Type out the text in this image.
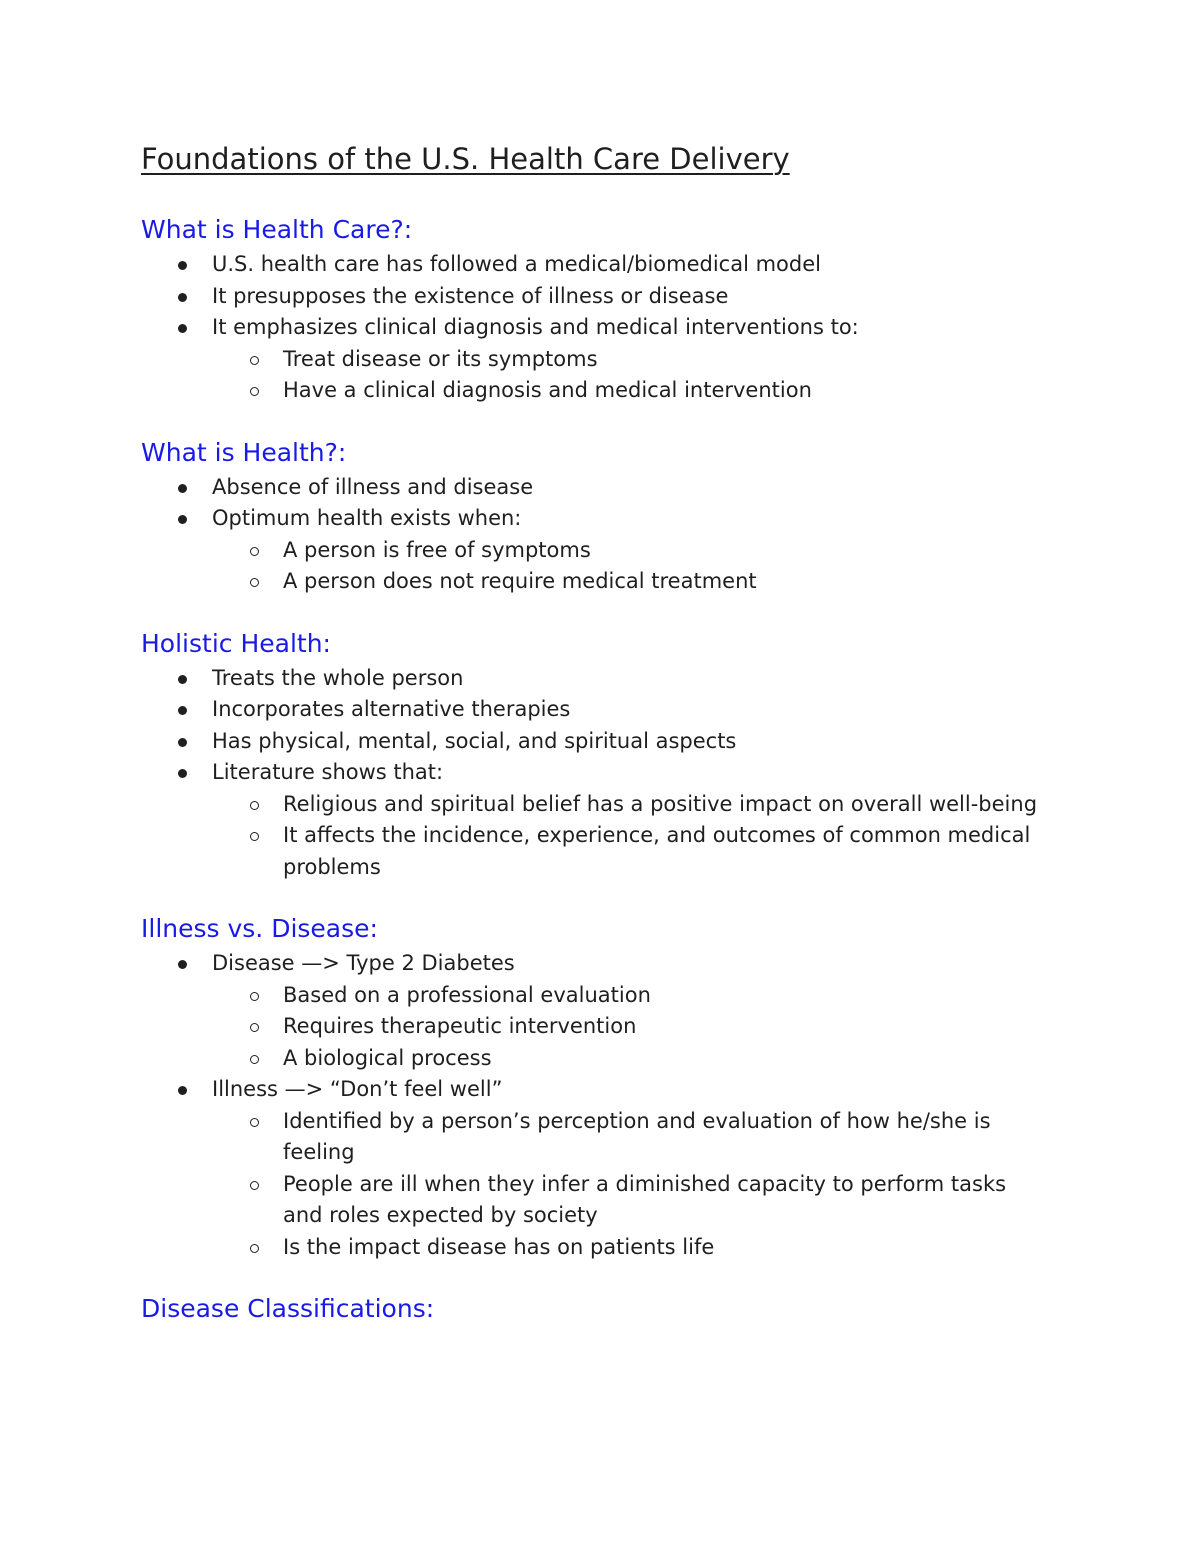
Foundations of the U.S. Health Care Delivery
What is Health Care?:
U.S. health care has followed a medical/biomedical model
It presupposes the existence of illness or disease
It emphasizes clinical diagnosis and medical interventions to:
Treat disease or its symptoms
Have a clinical diagnosis and medical intervention
What is Health?:
Absence of illness and disease
Optimum health exists when:
A person is free of symptoms
A person does not require medical treatment
Holistic Health:
Treats the whole person
Incorporates alternative therapies
Has physical, mental, social, and spiritual aspects
Literature shows that:
Religious and spiritual belief has a positive impact on overall well-being
It affects the incidence, experience, and outcomes of common medical problems
Illness vs. Disease:
Disease —> Type 2 Diabetes
Based on a professional evaluation
Requires therapeutic intervention
A biological process
Illness —> “Don’t feel well”
Identified by a person’s perception and evaluation of how he/she is feeling
People are ill when they infer a diminished capacity to perform tasks and roles expected by society
Is the impact disease has on patients life
Disease Classifications:
